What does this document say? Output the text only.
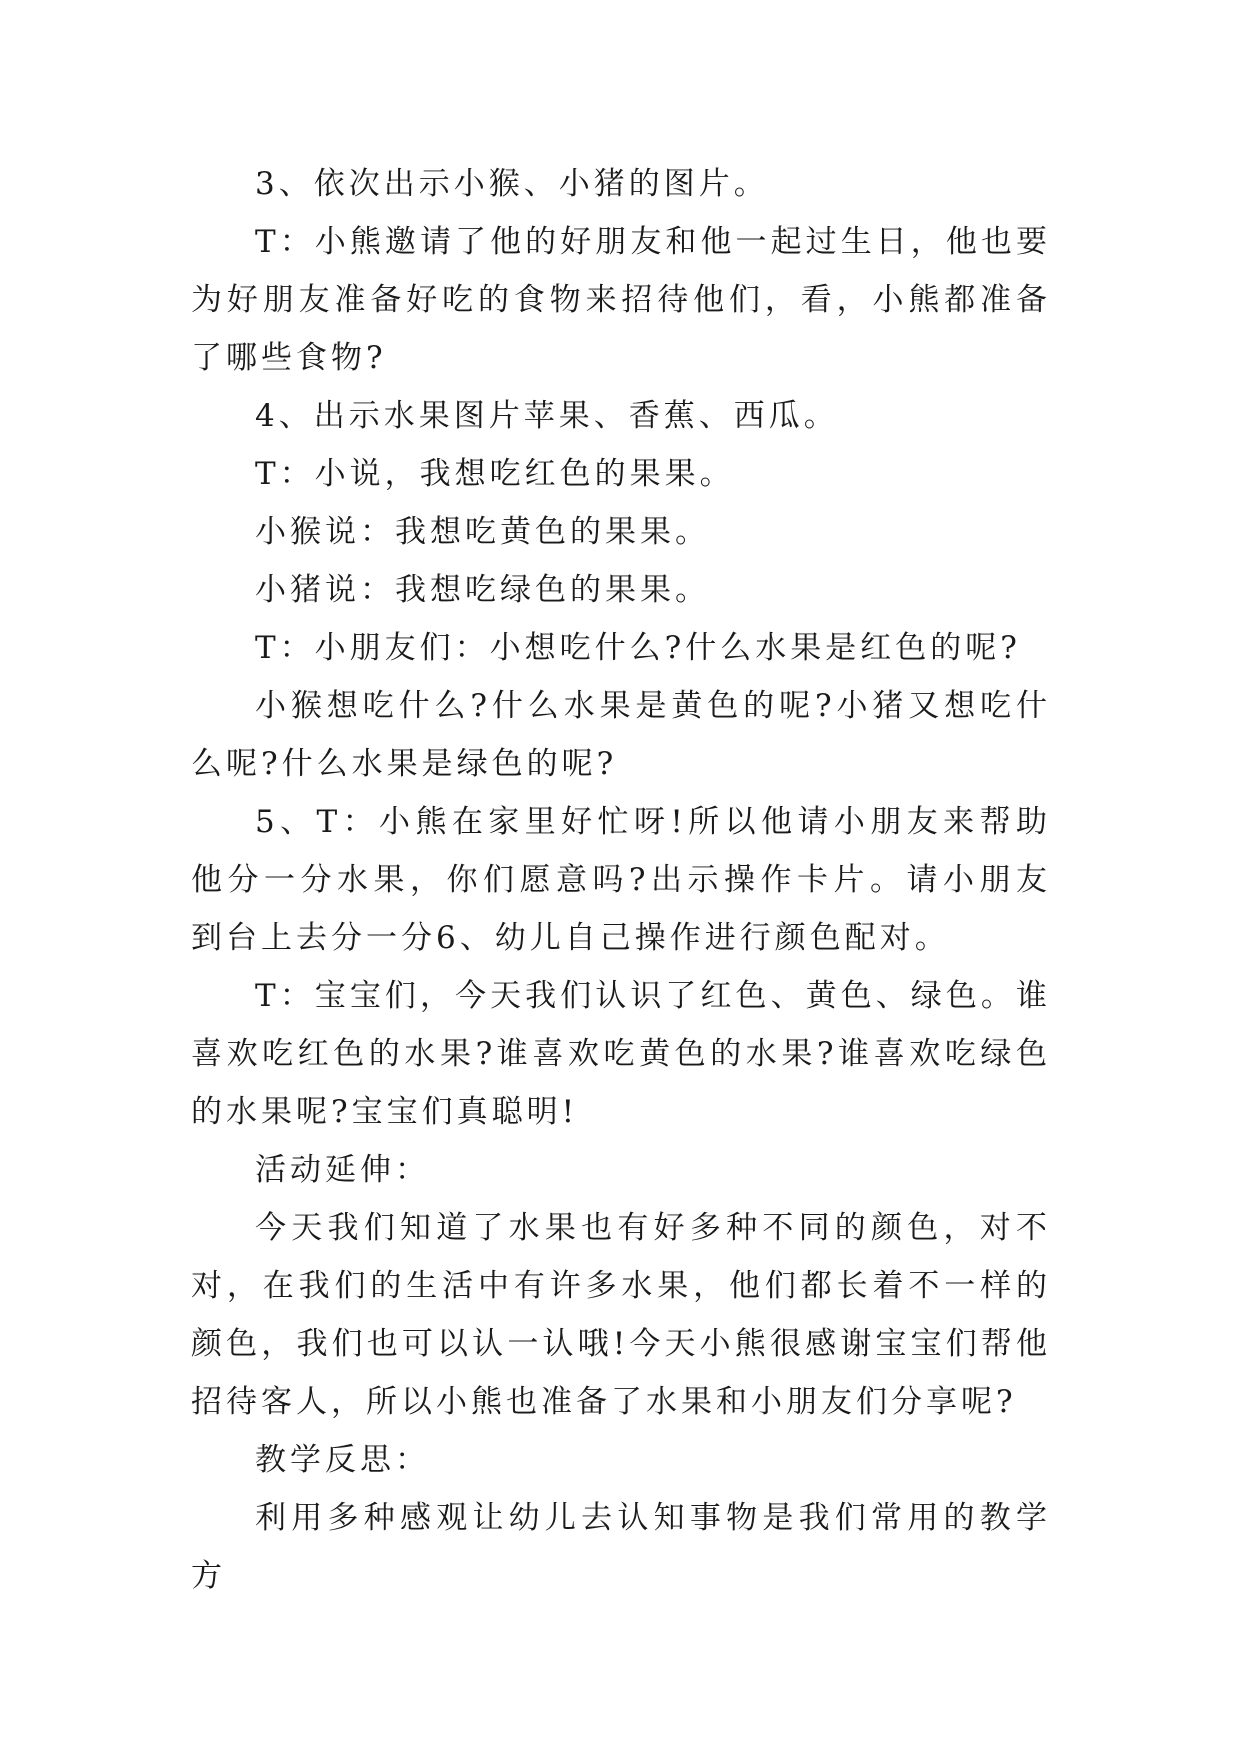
3、依次出示小猴、小猪的图片。

T：小熊邀请了他的好朋友和他一起过生日，他也要为好朋友准备好吃的食物来招待他们，看，小熊都准备了哪些食物?

4、出示水果图片苹果、香蕉、西瓜。

T：小说，我想吃红色的果果。

小猴说：我想吃黄色的果果。

小猪说：我想吃绿色的果果。

T：小朋友们：小想吃什么?什么水果是红色的呢?

小猴想吃什么?什么水果是黄色的呢?小猪又想吃什么呢?什么水果是绿色的呢?

5、T：小熊在家里好忙呀!所以他请小朋友来帮助他分一分水果，你们愿意吗?出示操作卡片。请小朋友到台上去分一分6、幼儿自己操作进行颜色配对。

T：宝宝们，今天我们认识了红色、黄色、绿色。谁喜欢吃红色的水果?谁喜欢吃黄色的水果?谁喜欢吃绿色的水果呢?宝宝们真聪明!

活动延伸：

今天我们知道了水果也有好多种不同的颜色，对不对，在我们的生活中有许多水果，他们都长着不一样的颜色，我们也可以认一认哦!今天小熊很感谢宝宝们帮他招待客人，所以小熊也准备了水果和小朋友们分享呢?

教学反思：

利用多种感观让幼儿去认知事物是我们常用的教学方
